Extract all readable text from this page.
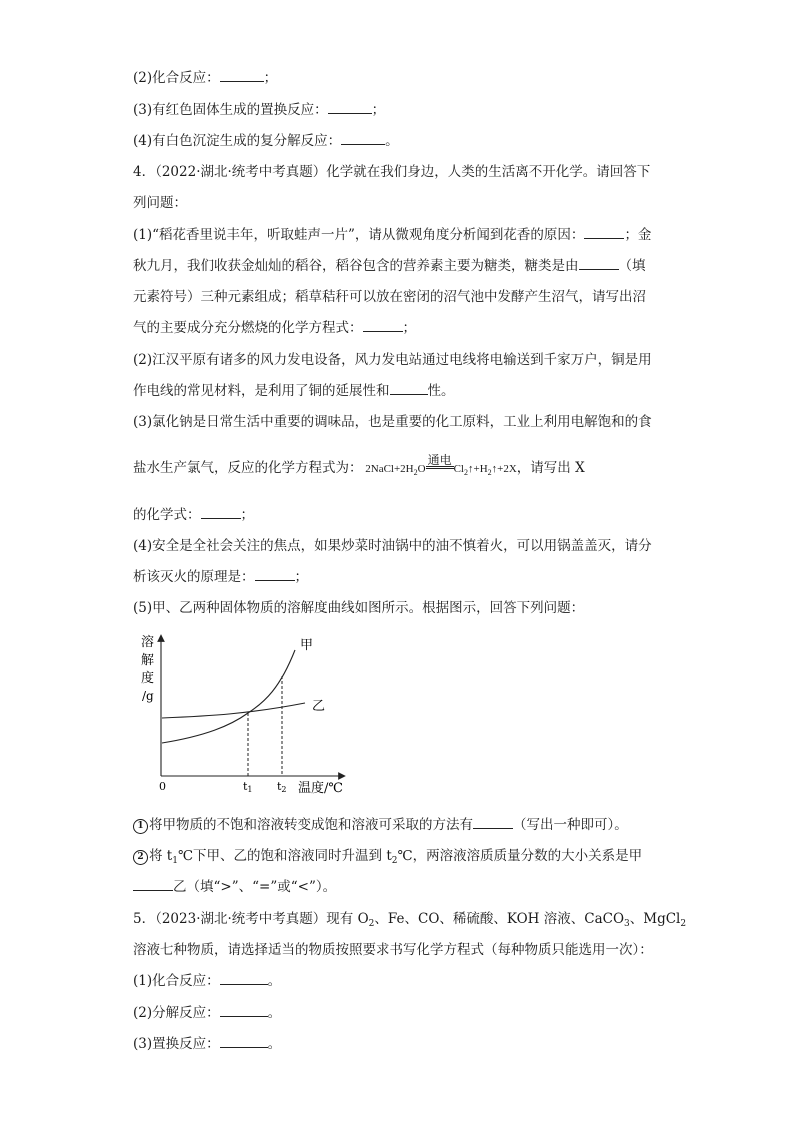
(2)化合反应：	；
(3)有红色固体生成的置换反应：	；
(4)有白色沉淀生成的复分解反应：	。
4．（2022·湖北·统考中考真题）化学就在我们身边，人类的生活离不开化学。请回答下
列问题：
(1)“稻花香里说丰年，听取蛙声一片”，请从微观角度分析闻到花香的原因：	；金
秋九月，我们收获金灿灿的稻谷，稻谷包含的营养素主要为糖类，糖类是由	（填
元素符号）三种元素组成；稻草秸秆可以放在密闭的沼气池中发酵产生沼气，请写出沼
气的主要成分充分燃烧的化学方程式：	；
(2)江汉平原有诸多的风力发电设备，风力发电站通过电线将电输送到千家万户，铜是用
作电线的常见材料，是利用了铜的延展性和	性。
(3)氯化钠是日常生活中重要的调味品，也是重要的化工原料，工业上利用电解饱和的食
盐水生产氯气，反应的化学方程式为： $2NaCl+2H_2O$
通电
$Cl_2↑+H_2↑+2X$，请写出 X
的化学式：	；
(4)安全是全社会关注的焦点，如果炒菜时油锅中的油不慎着火，可以用锅盖盖灭，请分
析该灭火的原理是：	；
(5)甲、乙两种固体物质的溶解度曲线如图所示。根据图示，回答下列问题：
溶
解
度
/g
甲
乙
0	t1 t2 温度/℃
1 将甲物质的不饱和溶液转变成饱和溶液可采取的方法有	（写出一种即可）。
2 将 $t_1℃$下甲、乙的饱和溶液同时升温到 $t_2℃$，两溶液溶质质量分数的大小关系是甲
乙（填“>”、“=”或“<”）。
5．（2023·湖北·统考中考真题）现有 $O_2$、Fe、CO、稀硫酸、KOH 溶液、CaCO$_3$、MgCl$_2$
溶液七种物质，请选择适当的物质按照要求书写化学方程式（每种物质只能选用一次）：
(1)化合反应：	。
(2)分解反应：	。
(3)置换反应：	。
